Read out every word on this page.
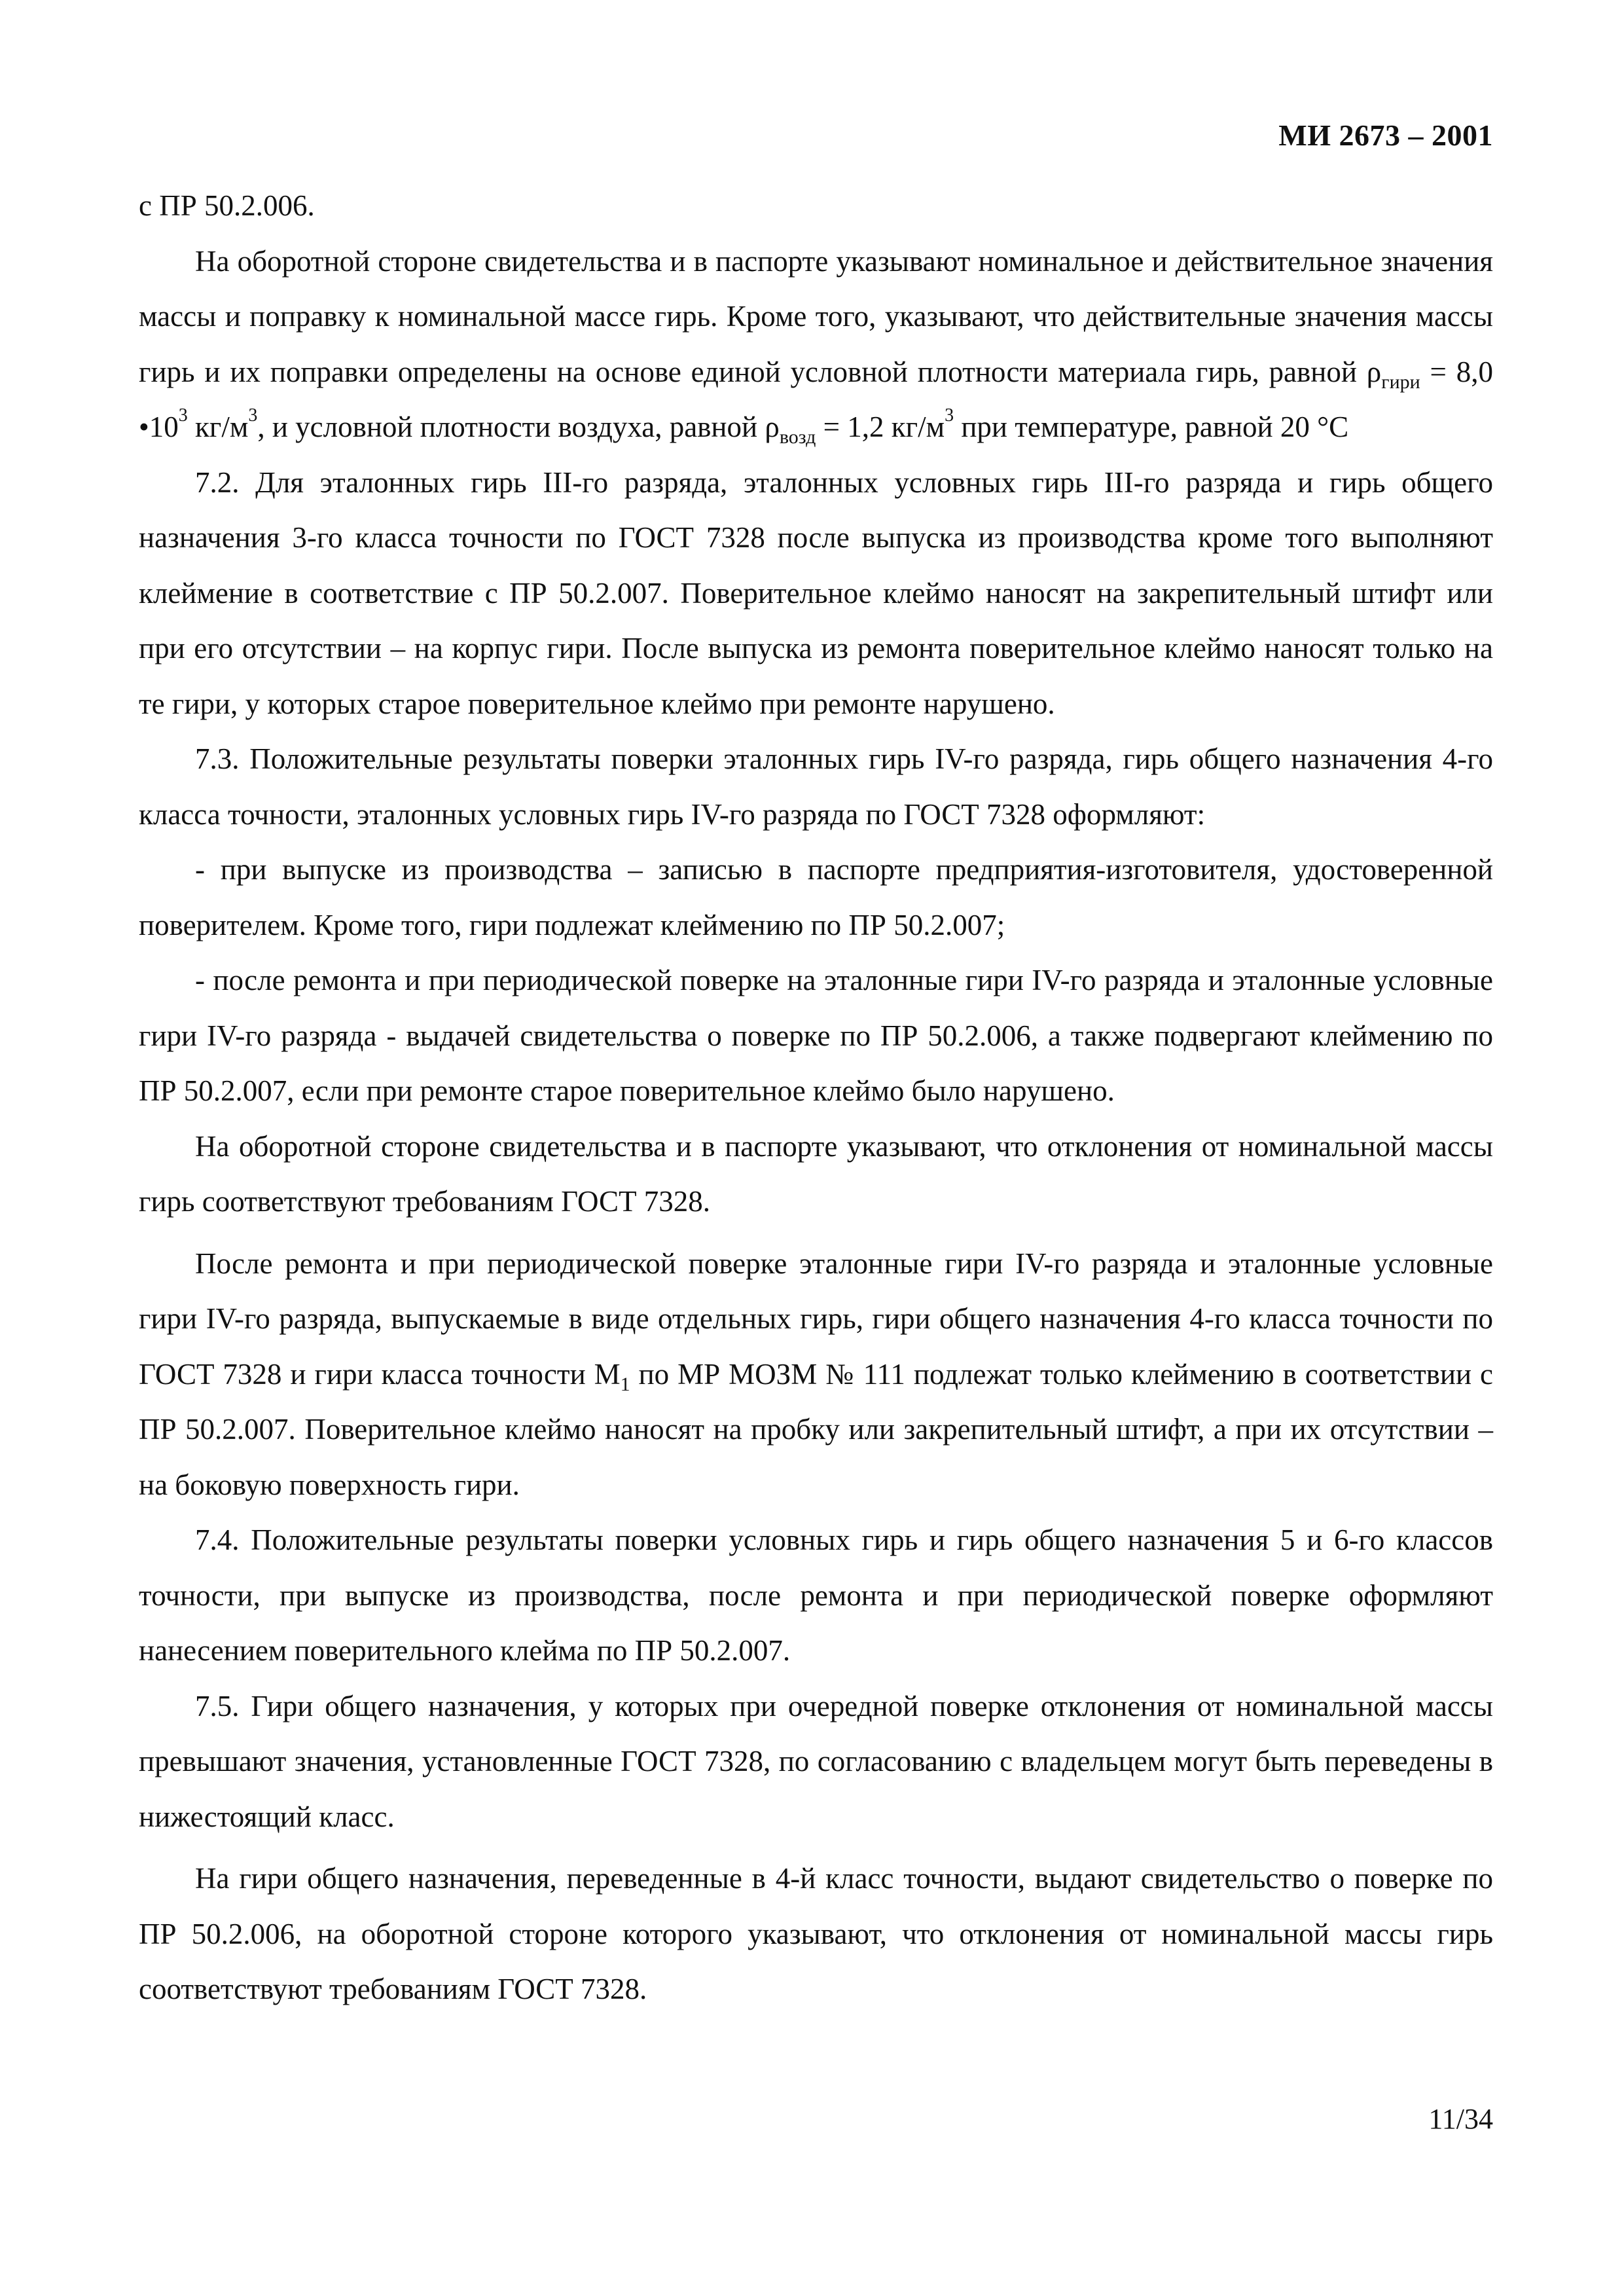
МИ 2673 – 2001

с ПР 50.2.006.

На оборотной стороне свидетельства и в паспорте указывают номинальное и действительное значения массы и поправку к номинальной массе гирь. Кроме того, указывают, что действительные значения массы гирь и их поправки определены на основе единой условной плотности материала гирь, равной $\rho_{гири} = 8,0$ $•10^3$ $кг/м^3$, и условной плотности воздуха, равной $\rho_{возд} = 1,2$ $кг/м^3$ при температуре, равной 20 °С

7.2. Для эталонных гирь III-го разряда, эталонных условных гирь III-го разряда и гирь общего назначения 3-го класса точности по ГОСТ 7328 после выпуска из производства кроме того выполняют клеймение в соответствие с ПР 50.2.007. Поверительное клеймо наносят на закрепительный штифт или при его отсутствии – на корпус гири. После выпуска из ремонта поверительное клеймо наносят только на те гири, у которых старое поверительное клеймо при ремонте нарушено.

7.3. Положительные результаты поверки эталонных гирь IV-го разряда, гирь общего назначения 4-го класса точности, эталонных условных гирь IV-го разряда по ГОСТ 7328 оформляют:

- при выпуске из производства – записью в паспорте предприятия-изготовителя, удостоверенной поверителем. Кроме того, гири подлежат клеймению по ПР 50.2.007;

- после ремонта и при периодической поверке на эталонные гири IV-го разряда и эталонные условные гири IV-го разряда - выдачей свидетельства о поверке по ПР 50.2.006, а также подвергают клеймению по ПР 50.2.007, если при ремонте старое поверительное клеймо было нарушено.

На оборотной стороне свидетельства и в паспорте указывают, что отклонения от номинальной массы гирь соответствуют требованиям ГОСТ 7328.

После ремонта и при периодической поверке эталонные гири IV-го разряда и эталонные условные гири IV-го разряда, выпускаемые в виде отдельных гирь, гири общего назначения 4-го класса точности по ГОСТ 7328 и гири класса точности $М_1$ по МР МОЗМ № 111 подлежат только клеймению в соответствии с ПР 50.2.007. Поверительное клеймо наносят на пробку или закрепительный штифт, а при их отсутствии – на боковую поверхность гири.

7.4. Положительные результаты поверки условных гирь и гирь общего назначения 5 и 6-го классов точности, при выпуске из производства, после ремонта и при периодической поверке оформляют нанесением поверительного клейма по ПР 50.2.007.

7.5. Гири общего назначения, у которых при очередной поверке отклонения от номинальной массы превышают значения, установленные ГОСТ 7328, по согласованию с владельцем могут быть переведены в нижестоящий класс.

На гири общего назначения, переведенные в 4-й класс точности, выдают свидетельство о поверке по ПР 50.2.006, на оборотной стороне которого указывают, что отклонения от номинальной массы гирь соответствуют требованиям ГОСТ 7328.

11/34
